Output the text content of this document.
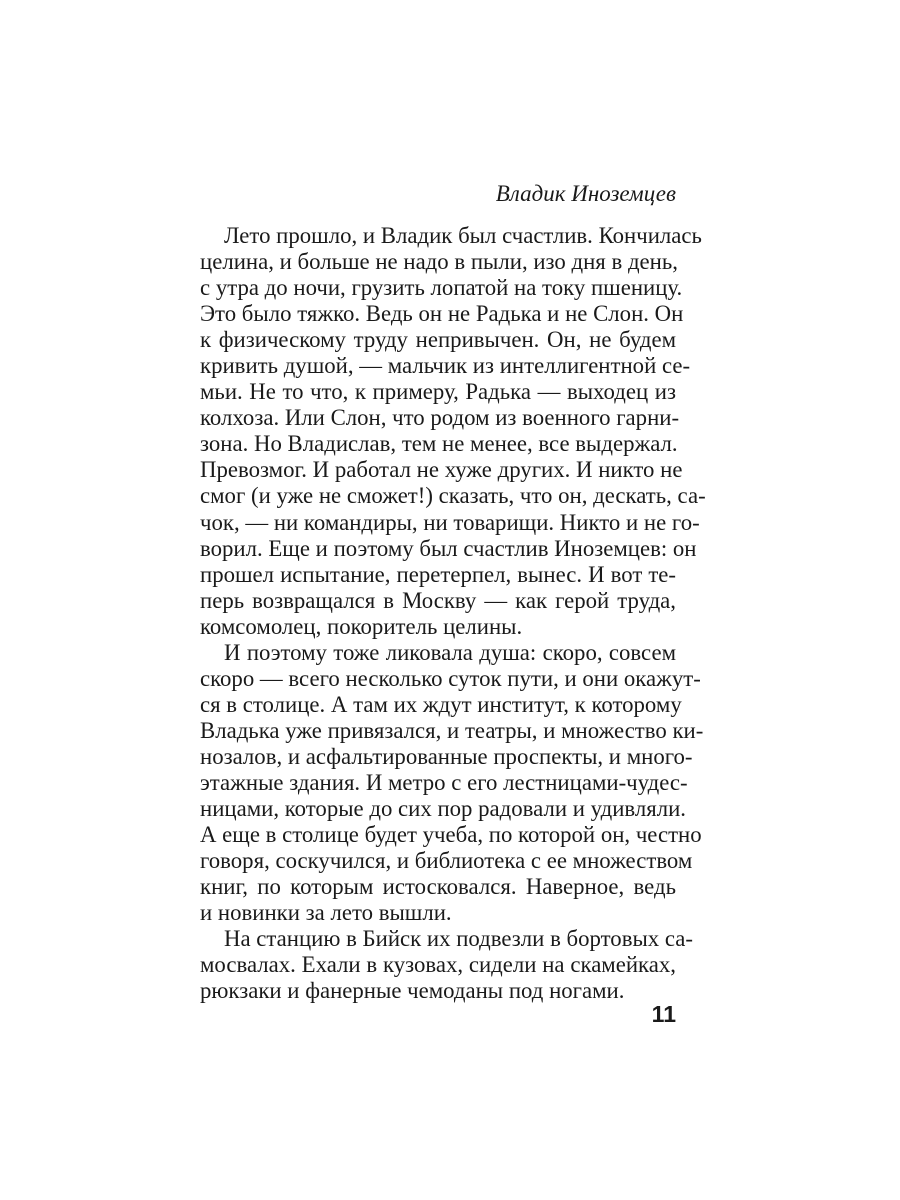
Владик Иноземцев
Лето прошло, и Владик был счастлив. Кончилась
целина, и больше не надо в пыли, изо дня в день,
с утра до ночи, грузить лопатой на току пшеницу.
Это было тяжко. Ведь он не Радька и не Слон. Он
к физическому труду непривычен. Он, не будем
кривить душой, — мальчик из интеллигентной се-
мьи. Не то что, к примеру, Радька — выходец из
колхоза. Или Слон, что родом из военного гарни-
зона. Но Владислав, тем не менее, все выдержал.
Превозмог. И работал не хуже других. И никто не
смог (и уже не сможет!) сказать, что он, дескать, са-
чок, — ни командиры, ни товарищи. Никто и не го-
ворил. Еще и поэтому был счастлив Иноземцев: он
прошел испытание, перетерпел, вынес. И вот те-
перь возвращался в Москву — как герой труда,
комсомолец, покоритель целины.
И поэтому тоже ликовала душа: скоро, совсем
скоро — всего несколько суток пути, и они окажут-
ся в столице. А там их ждут институт, к которому
Владька уже привязался, и театры, и множество ки-
нозалов, и асфальтированные проспекты, и много-
этажные здания. И метро с его лестницами-чудес-
ницами, которые до сих пор радовали и удивляли.
А еще в столице будет учеба, по которой он, честно
говоря, соскучился, и библиотека с ее множеством
книг, по которым истосковался. Наверное, ведь
и новинки за лето вышли.
На станцию в Бийск их подвезли в бортовых са-
мосвалах. Ехали в кузовах, сидели на скамейках,
рюкзаки и фанерные чемоданы под ногами.
11
